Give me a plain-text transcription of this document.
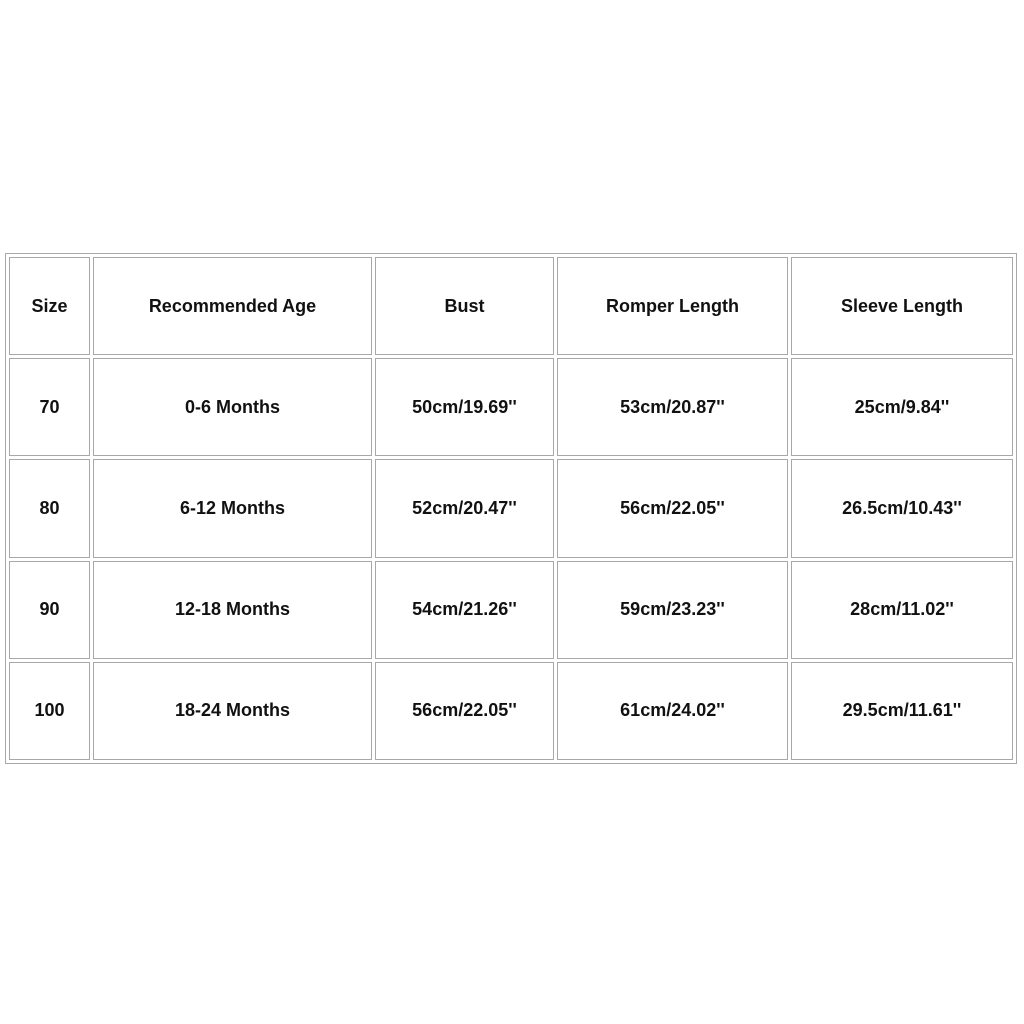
Size	Recommended Age	Bust	Romper Length	Sleeve Length
70	0-6 Months	50cm/19.69''	53cm/20.87''	25cm/9.84''
80	6-12 Months	52cm/20.47''	56cm/22.05''	26.5cm/10.43''
90	12-18 Months	54cm/21.26''	59cm/23.23''	28cm/11.02''
100	18-24 Months	56cm/22.05''	61cm/24.02''	29.5cm/11.61''
